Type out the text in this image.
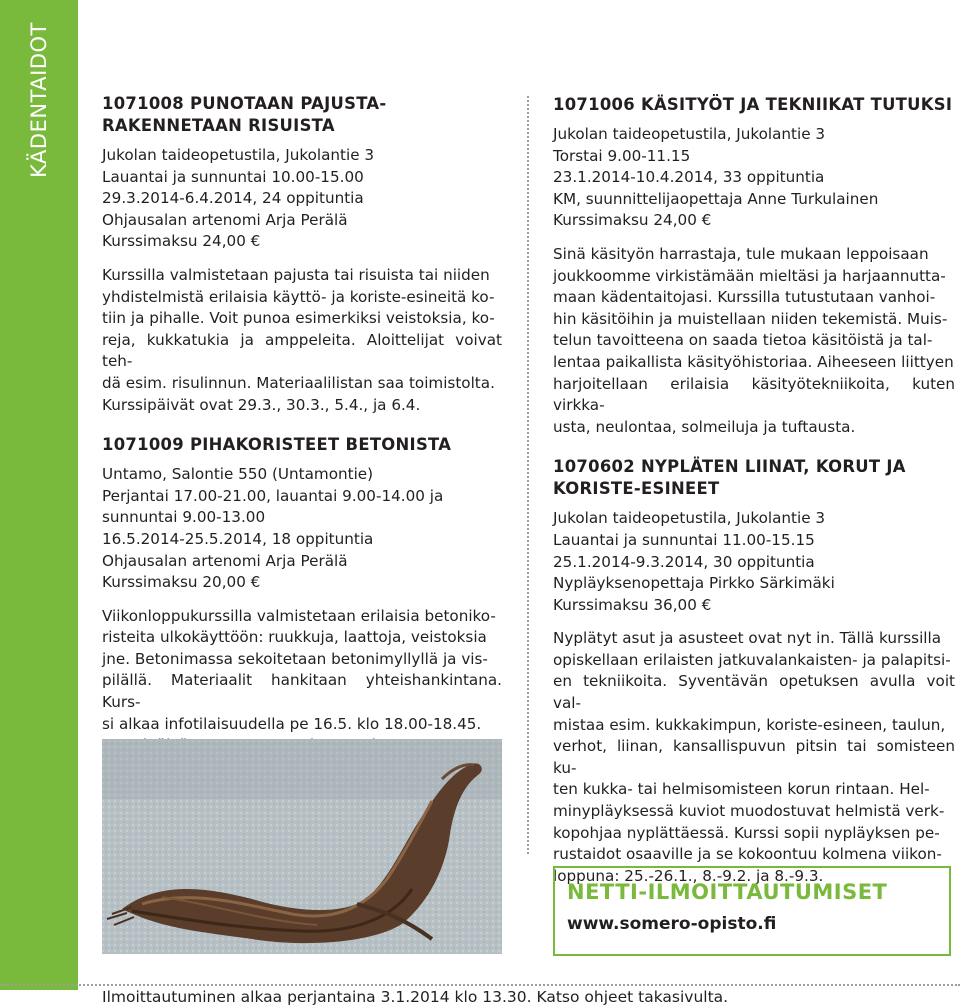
KÄDENTAIDOT
20
1071008 PUNOTAAN PAJUSTA-
RAKENNETAAN RISUISTA
Jukolan taideopetustila, Jukolantie 3
Lauantai ja sunnuntai 10.00-15.00
29.3.2014-6.4.2014, 24 oppituntia
Ohjausalan artenomi Arja Perälä
Kurssimaksu 24,00 €
Kurssilla valmistetaan pajusta tai risuista tai niiden
yhdistelmistä erilaisia käyttö- ja koriste-esineitä ko-
tiin ja pihalle. Voit punoa esimerkiksi veistoksia, ko-
reja, kukkatukia ja amppeleita. Aloittelijat voivat teh-
dä esim. risulinnun. Materiaalilistan saa toimistolta.
Kurssipäivät ovat 29.3., 30.3., 5.4., ja 6.4.
1071009 PIHAKORISTEET BETONISTA
Untamo, Salontie 550 (Untamontie)
Perjantai 17.00-21.00, lauantai 9.00-14.00 ja
sunnuntai 9.00-13.00
16.5.2014-25.5.2014, 18 oppituntia
Ohjausalan artenomi Arja Perälä
Kurssimaksu 20,00 €
Viikonloppukurssilla valmistetaan erilaisia betoniko-
risteita ulkokäyttöön: ruukkuja, laattoja, veistoksia
jne. Betonimassa sekoitetaan betonimyllyllä ja vis-
pilällä. Materiaalit hankitaan yhteishankintana. Kurs-
si alkaa infotilaisuudella pe 16.5. klo 18.00-18.45.
1071006 KÄSITYÖT JA TEKNIIKAT TUTUKSI
Jukolan taideopetustila, Jukolantie 3
Torstai 9.00-11.15
23.1.2014-10.4.2014, 33 oppituntia
KM, suunnittelijaopettaja Anne Turkulainen
Kurssimaksu 24,00 €
Sinä käsityön harrastaja, tule mukaan leppoisaan
joukkoomme virkistämään mieltäsi ja harjaannutta-
maan kädentaitojasi. Kurssilla tutustutaan vanhoi-
hin käsitöihin ja muistellaan niiden tekemistä. Muis-
telun tavoitteena on saada tietoa käsitöistä ja tal-
lentaa paikallista käsityöhistoriaa. Aiheeseen liittyen
harjoitellaan erilaisia käsityötekniikoita, kuten virkka-
usta, neulontaa, solmeiluja ja tuftausta.
1070602 NYPLÄTEN LIINAT, KORUT JA
KORISTE-ESINEET
Jukolan taideopetustila, Jukolantie 3
Lauantai ja sunnuntai 11.00-15.15
25.1.2014-9.3.2014, 30 oppituntia
Nypläyksenopettaja Pirkko Särkimäki
Kurssimaksu 36,00 €
Nyplätyt asut ja asusteet ovat nyt in. Tällä kurssilla
opiskellaan erilaisten jatkuvalankaisten- ja palapitsi-
en tekniikoita. Syventävän opetuksen avulla voit val-
mistaa esim. kukkakimpun, koriste-esineen, taulun,
verhot, liinan, kansallispuvun pitsin tai somisteen ku-
ten kukka- tai helmisomisteen korun rintaan. Hel-
minypläyksessä kuviot muodostuvat helmistä verk-
kopohjaa nyplättäessä. Kurssi sopii nypläyksen pe-
rustaidot osaaville ja se kokoontuu kolmena viikon-
loppuna: 25.-26.1., 8.-9.2. ja 8.-9.3.
NETTI-ILMOITTAUTUMISET
www.somero-opisto.fi
Ilmoittautuminen alkaa perjantaina 3.1.2014 klo 13.30. Katso ohjeet takasivulta.
